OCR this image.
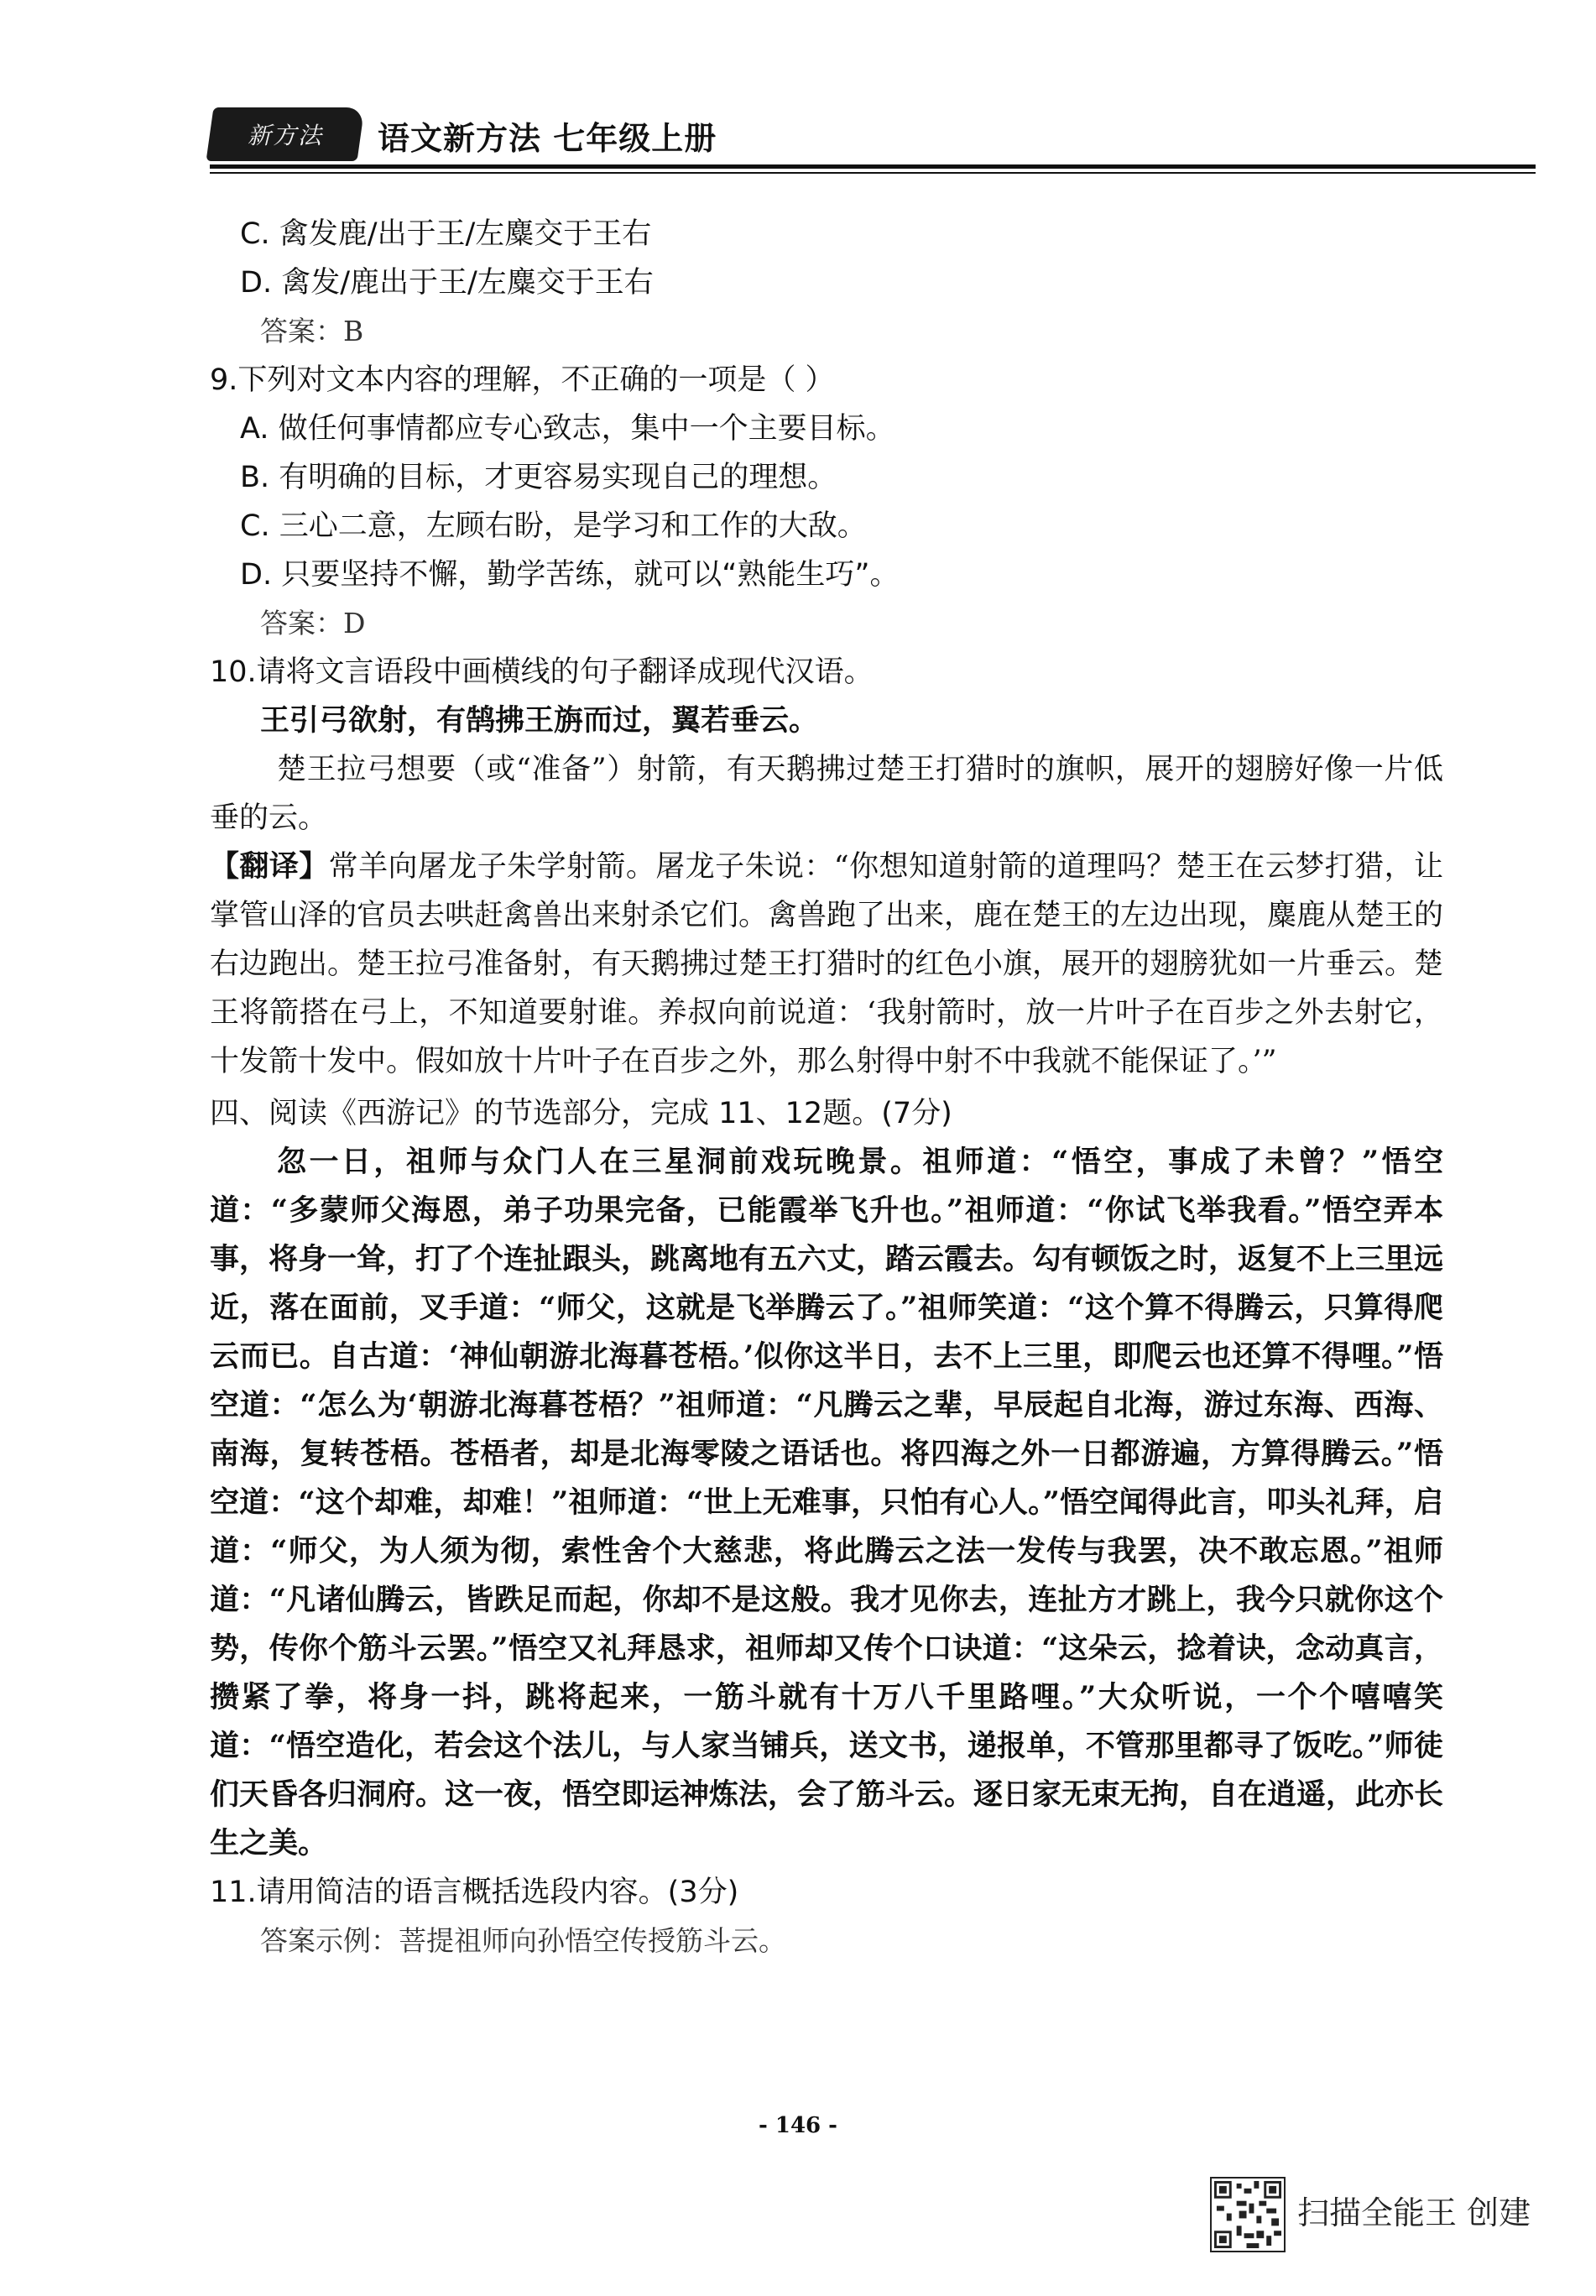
新方法 语文新方法 七年级上册
C. 禽发鹿/出于王/左麋交于王右
D. 禽发/鹿出于王/左麋交于王右
答案：B
9.下列对文本内容的理解，不正确的一项是（ ）
A. 做任何事情都应专心致志，集中一个主要目标。
B. 有明确的目标，才更容易实现自己的理想。
C. 三心二意，左顾右盼，是学习和工作的大敌。
D. 只要坚持不懈，勤学苦练，就可以“熟能生巧”。
答案：D
10.请将文言语段中画横线的句子翻译成现代汉语。
王引弓欲射，有鹄拂王旃而过，翼若垂云。
楚王拉弓想要（或“准备”）射箭，有天鹅拂过楚王打猎时的旗帜，展开的翅膀好像一片低垂的云。
【翻译】常羊向屠龙子朱学射箭。屠龙子朱说：“你想知道射箭的道理吗？楚王在云梦打猎，让掌管山泽的官员去哄赶禽兽出来射杀它们。禽兽跑了出来，鹿在楚王的左边出现，麋鹿从楚王的右边跑出。楚王拉弓准备射，有天鹅拂过楚王打猎时的红色小旗，展开的翅膀犹如一片垂云。楚王将箭搭在弓上，不知道要射谁。养叔向前说道：‘我射箭时，放一片叶子在百步之外去射它，十发箭十发中。假如放十片叶子在百步之外，那么射得中射不中我就不能保证了。’”
四、阅读《西游记》的节选部分，完成 11、12题。(7分)
忽一日，祖师与众门人在三星洞前戏玩晚景。祖师道：“悟空，事成了未曾？”悟空道：“多蒙师父海恩，弟子功果完备，已能霞举飞升也。”祖师道：“你试飞举我看。”悟空弄本事，将身一耸，打了个连扯跟头，跳离地有五六丈，踏云霞去。勾有顿饭之时，返复不上三里远近，落在面前，叉手道：“师父，这就是飞举腾云了。”祖师笑道：“这个算不得腾云，只算得爬云而已。自古道：‘神仙朝游北海暮苍梧。’似你这半日，去不上三里，即爬云也还算不得哩。”悟空道：“怎么为‘朝游北海暮苍梧？”祖师道：“凡腾云之辈，早辰起自北海，游过东海、西海、南海，复转苍梧。苍梧者，却是北海零陵之语话也。将四海之外一日都游遍，方算得腾云。”悟空道：“这个却难，却难！”祖师道：“世上无难事，只怕有心人。”悟空闻得此言，叩头礼拜，启道：“师父，为人须为彻，索性舍个大慈悲，将此腾云之法一发传与我罢，决不敢忘恩。”祖师道：“凡诸仙腾云，皆跌足而起，你却不是这般。我才见你去，连扯方才跳上，我今只就你这个势，传你个筋斗云罢。”悟空又礼拜恳求，祖师却又传个口诀道：“这朵云，捻着诀，念动真言，攒紧了拳，将身一抖，跳将起来，一筋斗就有十万八千里路哩。”大众听说，一个个嘻嘻笑道：“悟空造化，若会这个法儿，与人家当铺兵，送文书，递报单，不管那里都寻了饭吃。”师徒们天昏各归洞府。这一夜，悟空即运神炼法，会了筋斗云。逐日家无束无拘，自在逍遥，此亦长生之美。
11.请用简洁的语言概括选段内容。(3分)
答案示例：菩提祖师向孙悟空传授筋斗云。
- 146 -
扫描全能王 创建
